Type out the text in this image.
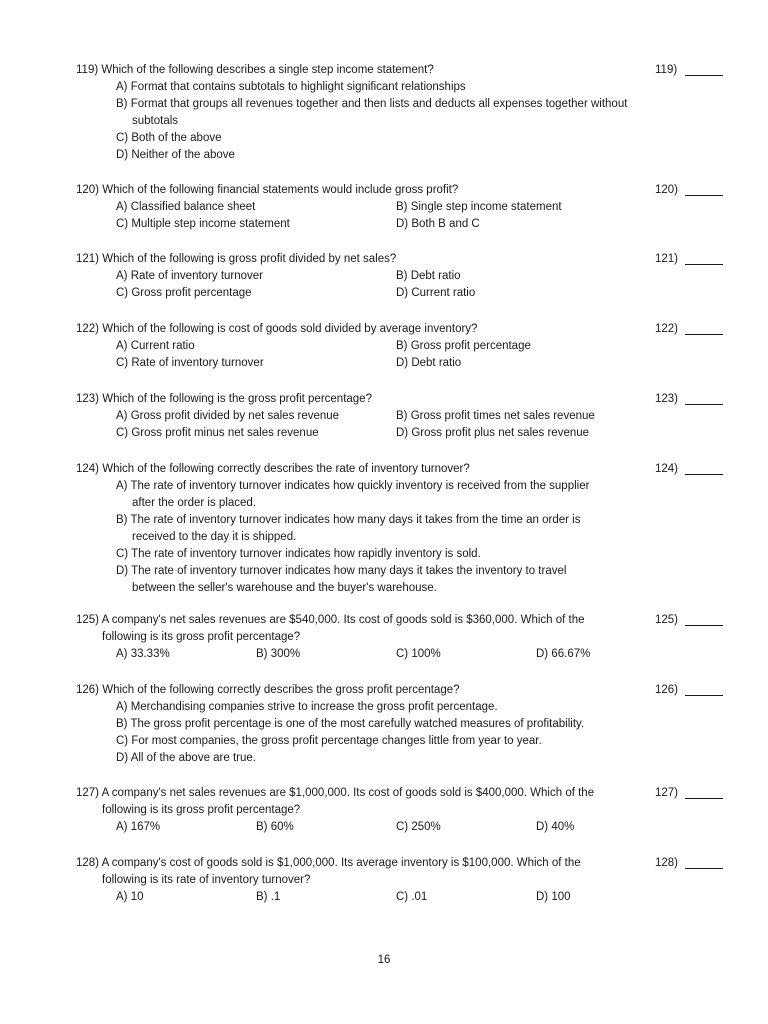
119) Which of the following describes a single step income statement?	119)
A) Format that contains subtotals to highlight significant relationships
B) Format that groups all revenues together and then lists and deducts all expenses together without subtotals
C) Both of the above
D) Neither of the above
120) Which of the following financial statements would include gross profit?	120)
A) Classified balance sheet	B) Single step income statement
C) Multiple step income statement	D) Both B and C
121) Which of the following is gross profit divided by net sales?	121)
A) Rate of inventory turnover	B) Debt ratio
C) Gross profit percentage	D) Current ratio
122) Which of the following is cost of goods sold divided by average inventory?	122)
A) Current ratio	B) Gross profit percentage
C) Rate of inventory turnover	D) Debt ratio
123) Which of the following is the gross profit percentage?	123)
A) Gross profit divided by net sales revenue	B) Gross profit times net sales revenue
C) Gross profit minus net sales revenue	D) Gross profit plus net sales revenue
124) Which of the following correctly describes the rate of inventory turnover?	124)
A) The rate of inventory turnover indicates how quickly inventory is received from the supplier
after the order is placed.
B) The rate of inventory turnover indicates how many days it takes from the time an order is
received to the day it is shipped.
C) The rate of inventory turnover indicates how rapidly inventory is sold.
D) The rate of inventory turnover indicates how many days it takes the inventory to travel
between the seller's warehouse and the buyer's warehouse.
125) A company's net sales revenues are $540,000. Its cost of goods sold is $360,000. Which of the
following is its gross profit percentage?
125)
A) 33.33%	B) 300%	C) 100%	D) 66.67%
126) Which of the following correctly describes the gross profit percentage?	126)
A) Merchandising companies strive to increase the gross profit percentage.
B) The gross profit percentage is one of the most carefully watched measures of profitability.
C) For most companies, the gross profit percentage changes little from year to year.
D) All of the above are true.
127) A company's net sales revenues are $1,000,000. Its cost of goods sold is $400,000. Which of the
following is its gross profit percentage?
127)
A) 167%	B) 60%	C) 250%	D) 40%
128) A company's cost of goods sold is $1,000,000. Its average inventory is $100,000. Which of the
following is its rate of inventory turnover?
128)
A) 10	B) .1	C) .01	D) 100
16
